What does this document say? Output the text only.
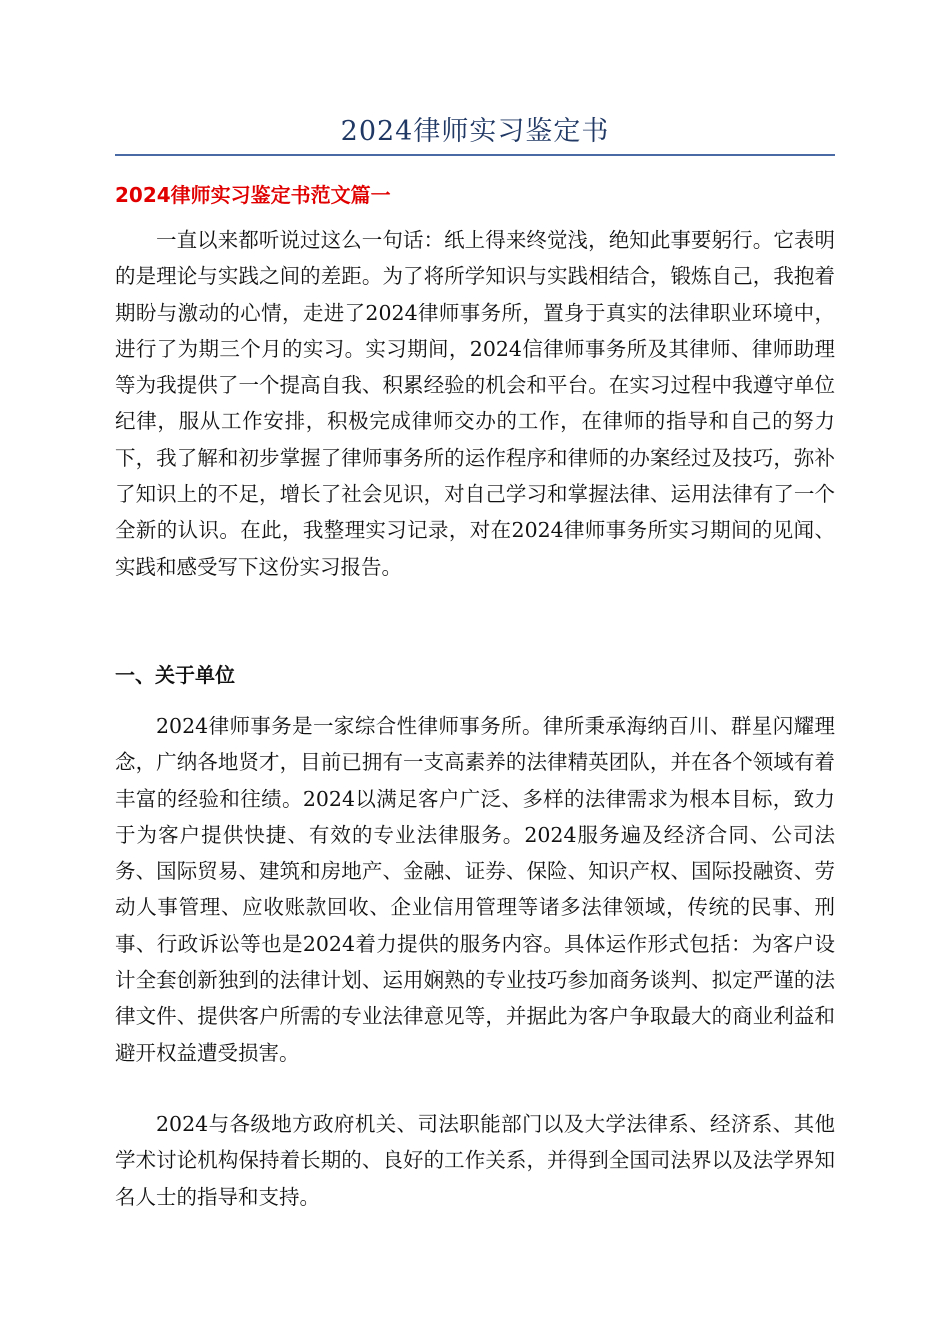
2024律师实习鉴定书
2024律师实习鉴定书范文篇一
一直以来都听说过这么一句话：纸上得来终觉浅，绝知此事要躬行。它表明的是理论与实践之间的差距。为了将所学知识与实践相结合，锻炼自己，我抱着期盼与激动的心情，走进了2024律师事务所，置身于真实的法律职业环境中，进行了为期三个月的实习。实习期间，2024信律师事务所及其律师、律师助理等为我提供了一个提高自我、积累经验的机会和平台。在实习过程中我遵守单位纪律，服从工作安排，积极完成律师交办的工作，在律师的指导和自己的努力下，我了解和初步掌握了律师事务所的运作程序和律师的办案经过及技巧，弥补了知识上的不足，增长了社会见识，对自己学习和掌握法律、运用法律有了一个全新的认识。在此，我整理实习记录，对在2024律师事务所实习期间的见闻、实践和感受写下这份实习报告。
一、关于单位
2024律师事务是一家综合性律师事务所。律所秉承海纳百川、群星闪耀理念，广纳各地贤才，目前已拥有一支高素养的法律精英团队，并在各个领域有着丰富的经验和往绩。2024以满足客户广泛、多样的法律需求为根本目标，致力于为客户提供快捷、有效的专业法律服务。2024服务遍及经济合同、公司法务、国际贸易、建筑和房地产、金融、证券、保险、知识产权、国际投融资、劳动人事管理、应收账款回收、企业信用管理等诸多法律领域，传统的民事、刑事、行政诉讼等也是2024着力提供的服务内容。具体运作形式包括：为客户设计全套创新独到的法律计划、运用娴熟的专业技巧参加商务谈判、拟定严谨的法律文件、提供客户所需的专业法律意见等，并据此为客户争取最大的商业利益和避开权益遭受损害。
2024与各级地方政府机关、司法职能部门以及大学法律系、经济系、其他学术讨论机构保持着长期的、良好的工作关系，并得到全国司法界以及法学界知名人士的指导和支持。
